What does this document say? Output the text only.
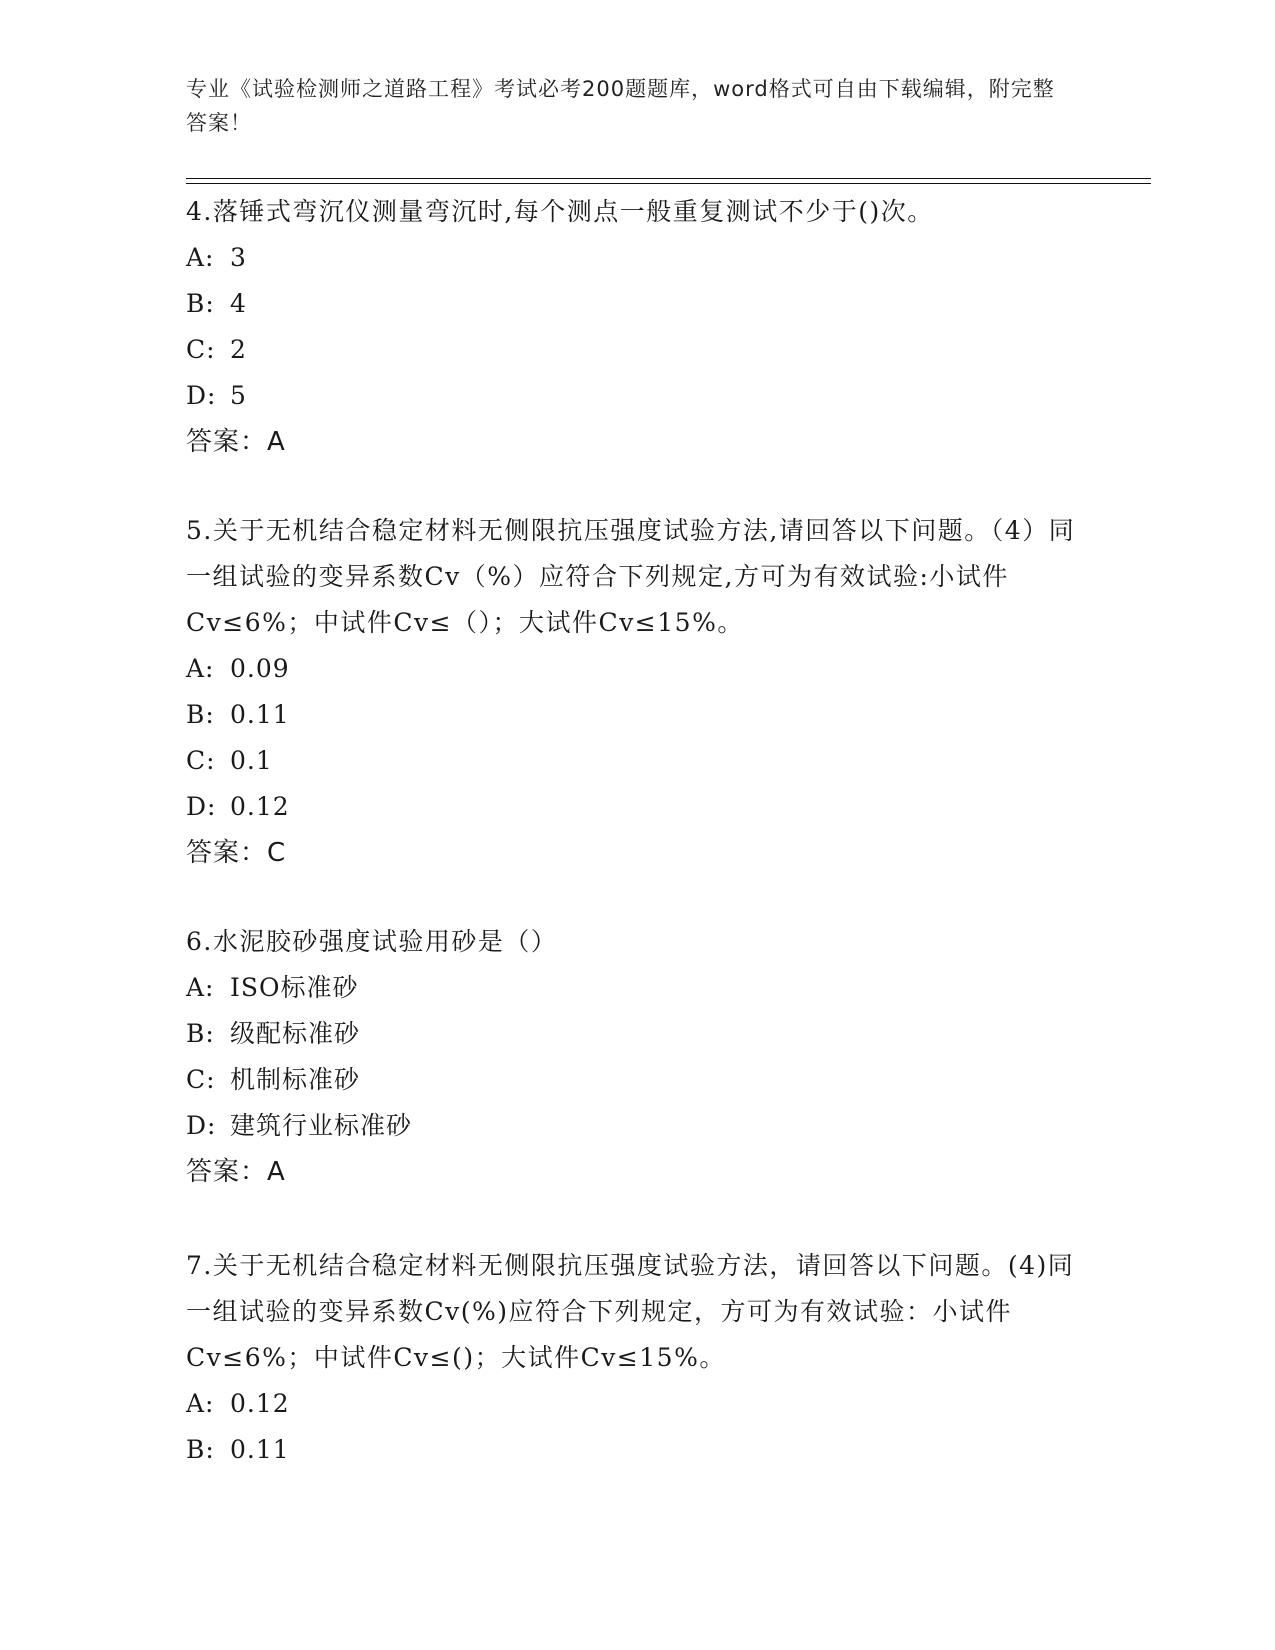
专业《试验检测师之道路工程》考试必考200题题库，word格式可自由下载编辑，附完整答案！

4.落锤式弯沉仪测量弯沉时,每个测点一般重复测试不少于()次。

A: 3

B: 4

C: 2

D: 5

答案：A

5.关于无机结合稳定材料无侧限抗压强度试验方法,请回答以下问题。（4）同一组试验的变异系数Cv（%）应符合下列规定,方可为有效试验:小试件Cv≤6%；中试件Cv≤（）；大试件Cv≤15%。

A: 0.09

B: 0.11

C: 0.1

D: 0.12

答案：C

6.水泥胶砂强度试验用砂是（）

A: ISO标准砂

B: 级配标准砂

C: 机制标准砂

D: 建筑行业标准砂

答案：A

7.关于无机结合稳定材料无侧限抗压强度试验方法，请回答以下问题。(4)同一组试验的变异系数Cv(%)应符合下列规定，方可为有效试验：小试件Cv≤6%；中试件Cv≤()；大试件Cv≤15%。

A: 0.12

B: 0.11
